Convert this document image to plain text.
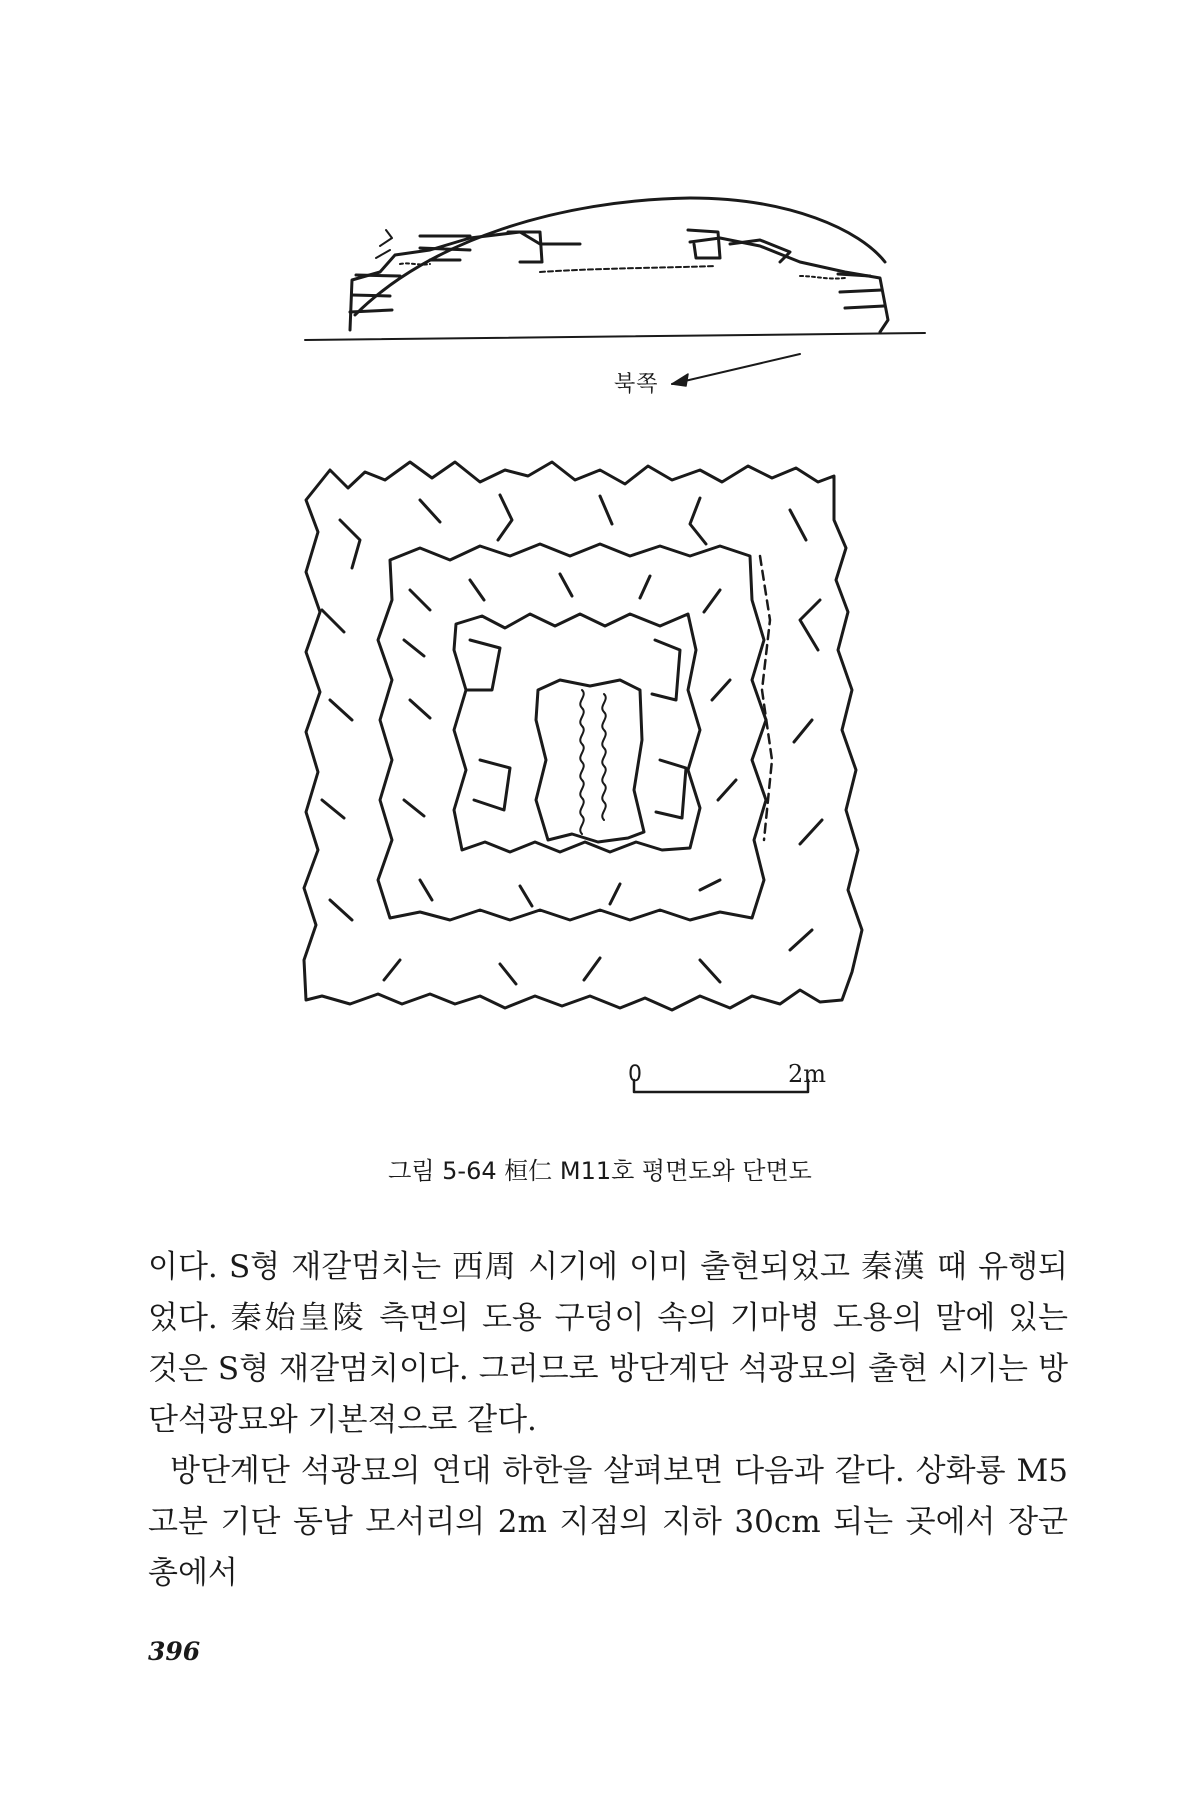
북쪽
0	2m
그림 5-64 桓仁 M11호 평면도와 단면도

이다. S형 재갈멈치는 西周 시기에 이미 출현되었고 秦漢 때 유행되었다. 秦始皇陵 측면의 도용 구덩이 속의 기마병 도용의 말에 있는 것은 S형 재갈멈치이다. 그러므로 방단계단 석광묘의 출현 시기는 방단석광묘와 기본적으로 같다.

방단계단 석광묘의 연대 하한을 살펴보면 다음과 같다. 상화룡 M5 고분 기단 동남 모서리의 2m 지점의 지하 30cm 되는 곳에서 장군총에서

396
